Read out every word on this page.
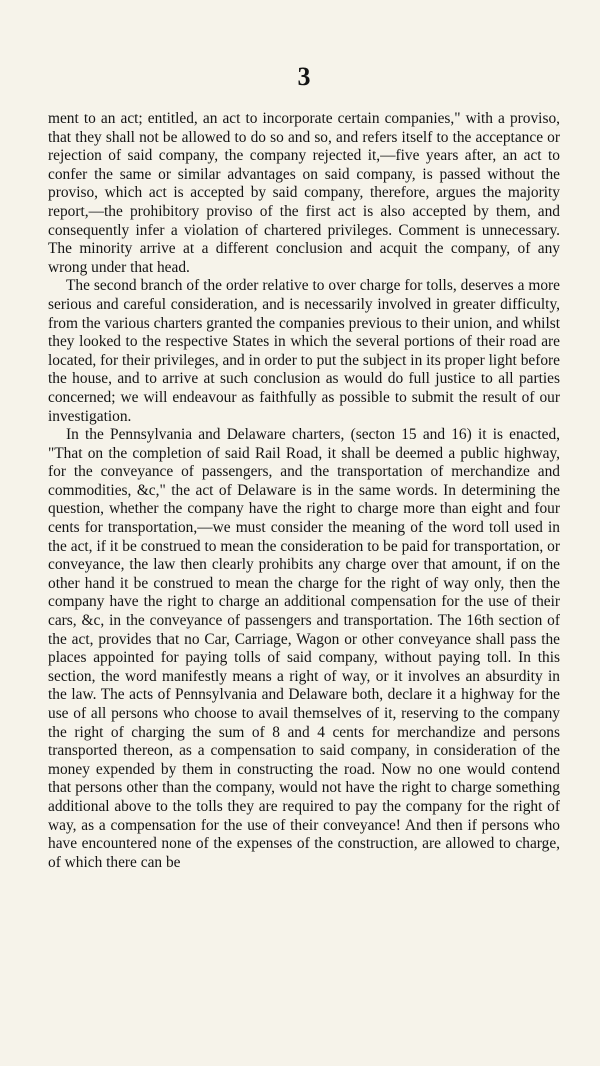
3

ment to an act; entitled, an act to incorporate certain companies," with a proviso, that they shall not be allowed to do so and so, and refers itself to the acceptance or rejection of said company, the company rejected it,—five years after, an act to confer the same or similar advantages on said company, is passed without the proviso, which act is accepted by said company, therefore, argues the majority report,—the prohibitory proviso of the first act is also accepted by them, and consequently infer a violation of chartered privileges. Comment is unnecessary. The minority arrive at a different conclusion and acquit the company, of any wrong under that head.

The second branch of the order relative to over charge for tolls, deserves a more serious and careful consideration, and is necessarily involved in greater difficulty, from the various charters granted the companies previous to their union, and whilst they looked to the respective States in which the several portions of their road are located, for their privileges, and in order to put the subject in its proper light before the house, and to arrive at such conclusion as would do full justice to all parties concerned; we will endeavour as faithfully as possible to submit the result of our investigation.

In the Pennsylvania and Delaware charters, (secton 15 and 16) it is enacted, "That on the completion of said Rail Road, it shall be deemed a public highway, for the conveyance of passengers, and the transportation of merchandize and commodities, &c," the act of Delaware is in the same words. In determining the question, whether the company have the right to charge more than eight and four cents for transportation,—we must consider the meaning of the word toll used in the act, if it be construed to mean the consideration to be paid for transportation, or conveyance, the law then clearly prohibits any charge over that amount, if on the other hand it be construed to mean the charge for the right of way only, then the company have the right to charge an additional compensation for the use of their cars, &c, in the conveyance of passengers and transportation. The 16th section of the act, provides that no Car, Carriage, Wagon or other conveyance shall pass the places appointed for paying tolls of said company, without paying toll. In this section, the word manifestly means a right of way, or it involves an absurdity in the law. The acts of Pennsylvania and Delaware both, declare it a highway for the use of all persons who choose to avail themselves of it, reserving to the company the right of charging the sum of 8 and 4 cents for merchandize and persons transported thereon, as a compensation to said company, in consideration of the money expended by them in constructing the road. Now no one would contend that persons other than the company, would not have the right to charge something additional above to the tolls they are required to pay the company for the right of way, as a compensation for the use of their conveyance! And then if persons who have encountered none of the expenses of the construction, are allowed to charge, of which there can be
